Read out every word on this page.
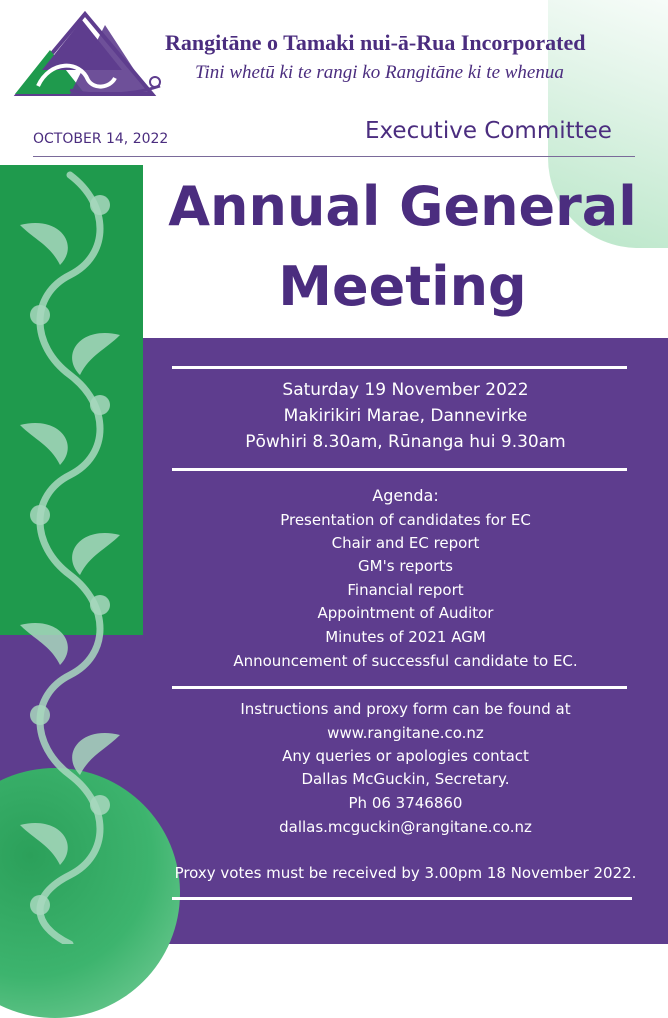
Rangitāne o Tamaki nui-ā-Rua Incorporated
Tini whetū ki te rangi ko Rangitāne ki te whenua
OCTOBER 14, 2022	Executive Committee
Annual General
Meeting
Saturday 19 November 2022
Makirikiri Marae, Dannevirke
Pōwhiri 8.30am, Rūnanga hui 9.30am
Agenda:
Presentation of candidates for EC
Chair and EC report
GM's reports
Financial report
Appointment of Auditor
Minutes of 2021 AGM
Announcement of successful candidate to EC.
Instructions and proxy form can be found at
www.rangitane.co.nz
Any queries or apologies contact
Dallas McGuckin, Secretary.
Ph 06 3746860
dallas.mcguckin@rangitane.co.nz
Proxy votes must be received by 3.00pm 18 November 2022.
